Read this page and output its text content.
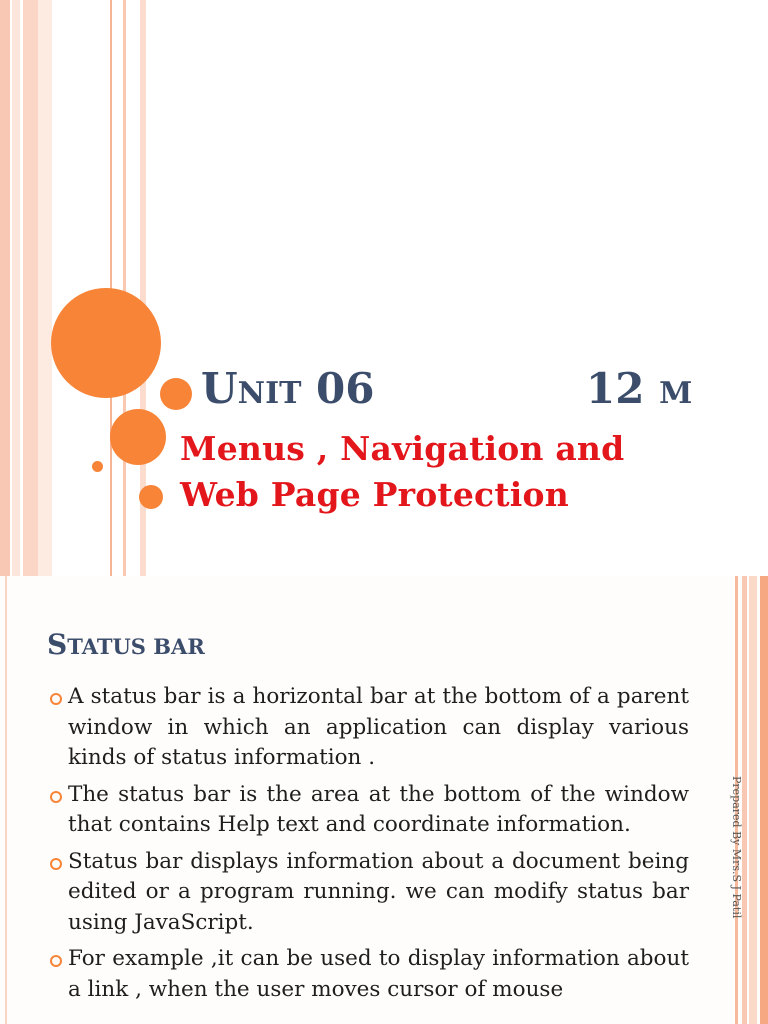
UNIT 06	12 M
Menus , Navigation and
Web Page Protection
STATUS BAR
A status bar is a horizontal bar at the bottom of a parent window in which an application can display various kinds of status information .
The status bar is the area at the bottom of the window that contains Help text and coordinate information.
Status bar displays information about a document being edited or a program running. we can modify status bar using JavaScript.
For example ,it can be used to display information about a link , when the user moves cursor of mouse
Prepared By Mrs.S J Patil
